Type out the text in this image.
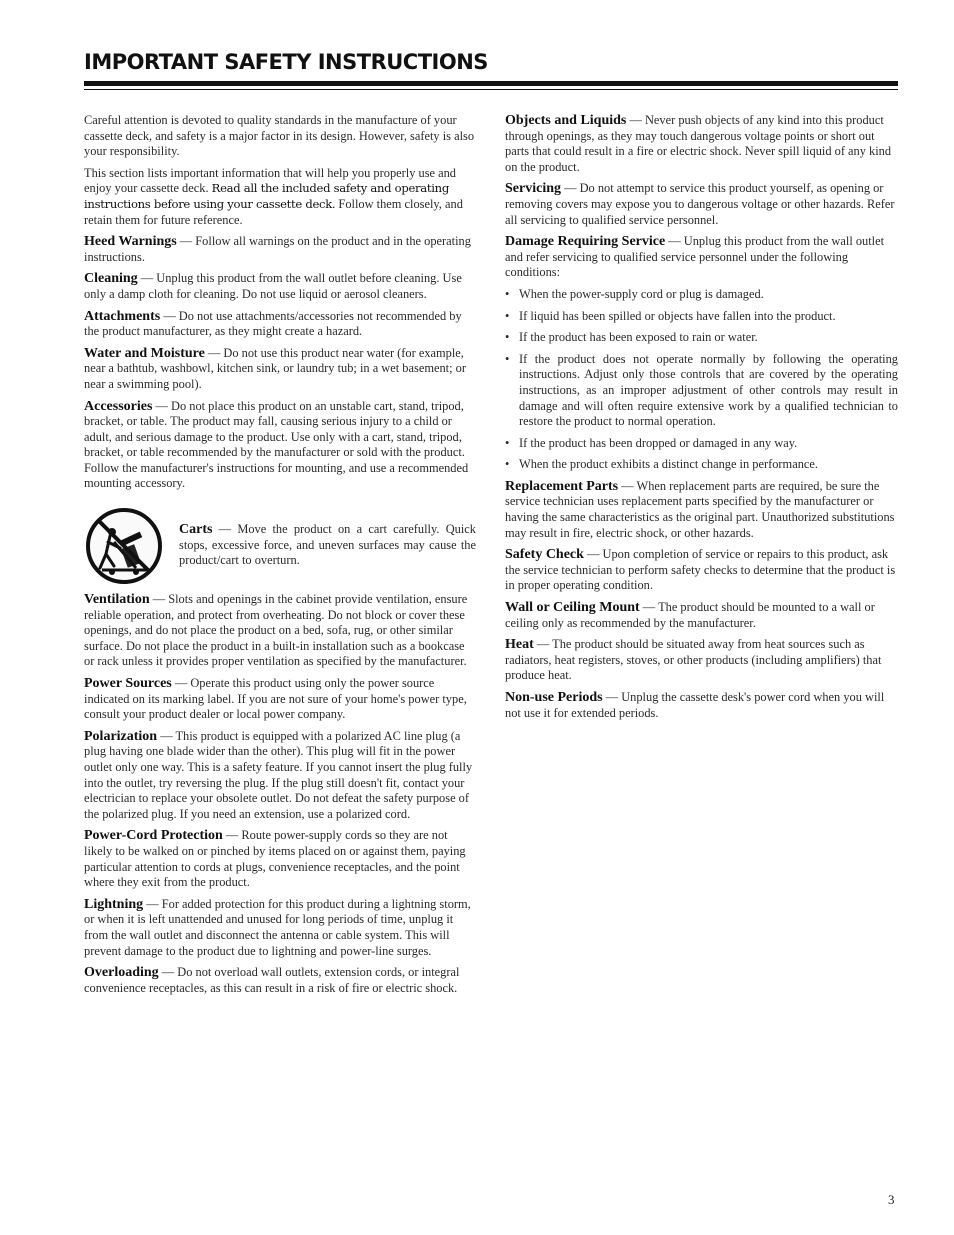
IMPORTANT SAFETY INSTRUCTIONS

Careful attention is devoted to quality standards in the manufacture of your cassette deck, and safety is a major factor in its design. However, safety is also your responsibility.

This section lists important information that will help you properly use and enjoy your cassette deck. Read all the included safety and operating instructions before using your cassette deck. Follow them closely, and retain them for future reference.

Heed Warnings — Follow all warnings on the product and in the operating instructions.

Cleaning — Unplug this product from the wall outlet before cleaning. Use only a damp cloth for cleaning. Do not use liquid or aerosol cleaners.

Attachments — Do not use attachments/accessories not recommended by the product manufacturer, as they might create a hazard.

Water and Moisture — Do not use this product near water (for example, near a bathtub, washbowl, kitchen sink, or laundry tub; in a wet basement; or near a swimming pool).

Accessories — Do not place this product on an unstable cart, stand, tripod, bracket, or table. The product may fall, causing serious injury to a child or adult, and serious damage to the product. Use only with a cart, stand, tripod, bracket, or table recommended by the manufacturer or sold with the product. Follow the manufacturer's instructions for mounting, and use a recommended mounting accessory.

Carts — Move the product on a cart carefully. Quick stops, excessive force, and uneven surfaces may cause the product/cart to overturn.

Ventilation — Slots and openings in the cabinet provide ventilation, ensure reliable operation, and protect from overheating. Do not block or cover these openings, and do not place the product on a bed, sofa, rug, or other similar surface. Do not place the product in a built-in installation such as a bookcase or rack unless it provides proper ventilation as specified by the manufacturer.

Power Sources — Operate this product using only the power source indicated on its marking label. If you are not sure of your home's power type, consult your product dealer or local power company.

Polarization — This product is equipped with a polarized AC line plug (a plug having one blade wider than the other). This plug will fit in the power outlet only one way. This is a safety feature. If you cannot insert the plug fully into the outlet, try reversing the plug. If the plug still doesn't fit, contact your electrician to replace your obsolete outlet. Do not defeat the safety purpose of the polarized plug. If you need an extension, use a polarized cord.

Power-Cord Protection — Route power-supply cords so they are not likely to be walked on or pinched by items placed on or against them, paying particular attention to cords at plugs, convenience receptacles, and the point where they exit from the product.

Lightning — For added protection for this product during a lightning storm, or when it is left unattended and unused for long periods of time, unplug it from the wall outlet and disconnect the antenna or cable system. This will prevent damage to the product due to lightning and power-line surges.

Overloading — Do not overload wall outlets, extension cords, or integral convenience receptacles, as this can result in a risk of fire or electric shock.

Objects and Liquids — Never push objects of any kind into this product through openings, as they may touch dangerous voltage points or short out parts that could result in a fire or electric shock. Never spill liquid of any kind on the product.

Servicing — Do not attempt to service this product yourself, as opening or removing covers may expose you to dangerous voltage or other hazards. Refer all servicing to qualified service personnel.

Damage Requiring Service — Unplug this product from the wall outlet and refer servicing to qualified service personnel under the following conditions:

• When the power-supply cord or plug is damaged.
• If liquid has been spilled or objects have fallen into the product.
• If the product has been exposed to rain or water.
• If the product does not operate normally by following the operating instructions. Adjust only those controls that are covered by the operating instructions, as an improper adjustment of other controls may result in damage and will often require extensive work by a qualified technician to restore the product to normal operation.
• If the product has been dropped or damaged in any way.
• When the product exhibits a distinct change in performance.

Replacement Parts — When replacement parts are required, be sure the service technician uses replacement parts specified by the manufacturer or having the same characteristics as the original part. Unauthorized substitutions may result in fire, electric shock, or other hazards.

Safety Check — Upon completion of service or repairs to this product, ask the service technician to perform safety checks to determine that the product is in proper operating condition.

Wall or Ceiling Mount — The product should be mounted to a wall or ceiling only as recommended by the manufacturer.

Heat — The product should be situated away from heat sources such as radiators, heat registers, stoves, or other products (including amplifiers) that produce heat.

Non-use Periods — Unplug the cassette desk's power cord when you will not use it for extended periods.

3
